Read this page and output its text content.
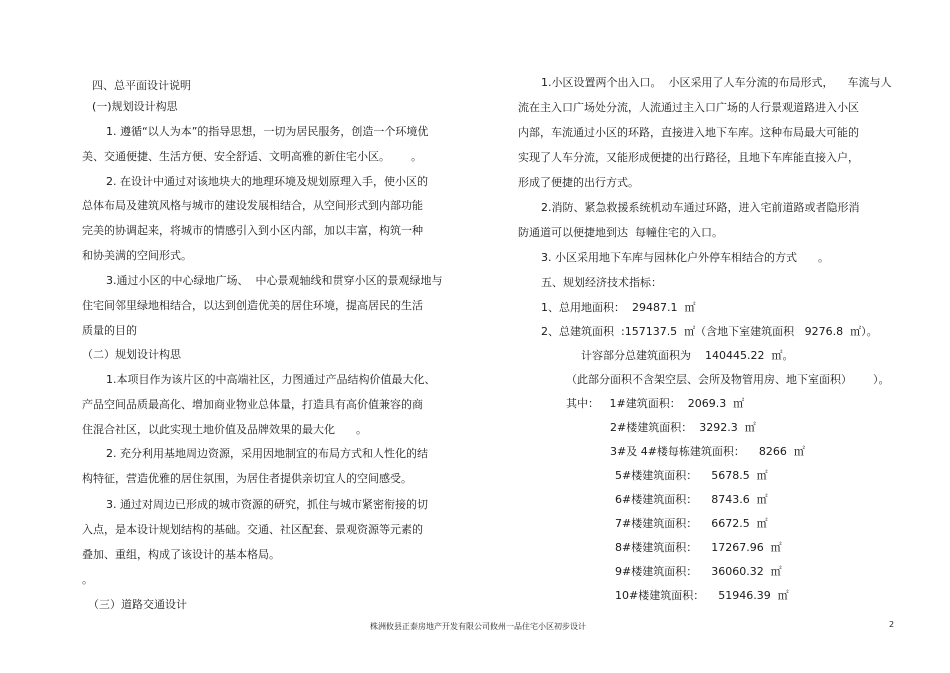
四、总平面设计说明
(一)规划设计构思
1. 遵循“以人为本”的指导思想，一切为居民服务，创造一个环境优
美、交通便捷、生活方便、安全舒适、文明高雅的新住宅小区。      。
2. 在设计中通过对该地块大的地理环境及规划原理入手，使小区的
总体布局及建筑风格与城市的建设发展相结合，从空间形式到内部功能
完美的协调起来，将城市的情感引入到小区内部，加以丰富，构筑一种
和协美满的空间形式。
3.通过小区的中心绿地广场、  中心景观轴线和贯穿小区的景观绿地与
住宅间邻里绿地相结合，以达到创造优美的居住环境，提高居民的生活
质量的目的
（二）规划设计构思
1.本项目作为该片区的中高端社区，力图通过产品结构价值最大化、
产品空间品质最高化、增加商业物业总体量，打造具有高价值兼容的商
住混合社区，以此实现土地价值及品牌效果的最大化      。
2. 充分利用基地周边资源，采用因地制宜的布局方式和人性化的结
构特征，营造优雅的居住氛围，为居住者提供亲切宜人的空间感受。
3. 通过对周边已形成的城市资源的研究，抓住与城市紧密衔接的切
入点，是本设计规划结构的基础。交通、社区配套、景观资源等元素的
叠加、重组，构成了该设计的基本格局。
。
（三）道路交通设计
1.小区设置两个出入口。  小区采用了人车分流的布局形式，    车流与人
流在主入口广场处分流，人流通过主入口广场的人行景观道路进入小区
内部，车流通过小区的环路，直接进入地下车库。这种布局最大可能的
实现了人车分流，又能形成便捷的出行路径，且地下车库能直接入户，
形成了便捷的出行方式。
2.消防、紧急救援系统机动车通过环路，进入宅前道路或者隐形消
防通道可以便捷地到达  每幢住宅的入口。
3. 小区采用地下车库与园林化户外停车相结合的方式      。
五、规划经济技术指标：
1、总用地面积：  29487.1  ㎡
2、总建筑面积  :157137.5  ㎡（含地下室建筑面积   9276.8  ㎡）。
计容部分总建筑面积为    140445.22  ㎡。
（此部分面积不含架空层、会所及物管用房、地下室面积）      ）。
其中：   1#建筑面积：  2069.3  ㎡
2#楼建筑面积：  3292.3  ㎡
3#及 4#楼每栋建筑面积：    8266  ㎡
5#楼建筑面积：    5678.5  ㎡
6#楼建筑面积：    8743.6  ㎡
7#楼建筑面积：    6672.5  ㎡
8#楼建筑面积：    17267.96  ㎡
9#楼建筑面积：    36060.32  ㎡
10#楼建筑面积：    51946.39  ㎡
株洲攸县正泰房地产开发有限公司攸州一品住宅小区初步设计	2
